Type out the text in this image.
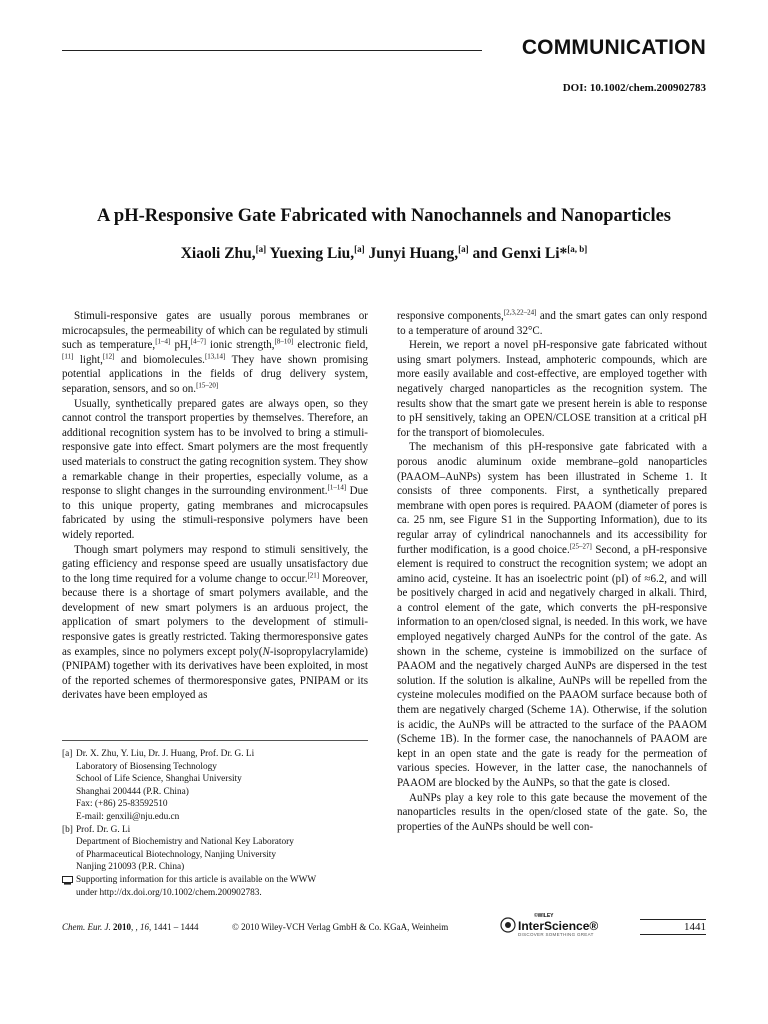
COMMUNICATION
DOI: 10.1002/chem.200902783
A pH-Responsive Gate Fabricated with Nanochannels and Nanoparticles
Xiaoli Zhu,[a] Yuexing Liu,[a] Junyi Huang,[a] and Genxi Li*[a, b]

Stimuli-responsive gates are usually porous membranes or microcapsules, the permeability of which can be regulated by stimuli such as temperature,[1–4] pH,[4–7] ionic strength,[8–10] electronic field,[11] light,[12] and biomolecules.[13,14] They have shown promising potential applications in the fields of drug delivery system, separation, sensors, and so on.[15–20]

Usually, synthetically prepared gates are always open, so they cannot control the transport properties by themselves. Therefore, an additional recognition system has to be involved to bring a stimuli-responsive gate into effect. Smart polymers are the most frequently used materials to construct the gating recognition system. They show a remarkable change in their properties, especially volume, as a response to slight changes in the surrounding environment.[1–14] Due to this unique property, gating membranes and microcapsules fabricated by using the stimuli-responsive polymers have been widely reported.

Though smart polymers may respond to stimuli sensitively, the gating efficiency and response speed are usually unsatisfactory due to the long time required for a volume change to occur.[21] Moreover, because there is a shortage of smart polymers available, and the development of new smart polymers is an arduous project, the application of smart polymers to the development of stimuli-responsive gates is greatly restricted. Taking thermoresponsive gates as examples, since no polymers except poly(N-isopropylacrylamide) (PNIPAM) together with its derivatives have been exploited, in most of the reported schemes of thermoresponsive gates, PNIPAM or its derivates have been employed as

responsive components,[2,3,22–24] and the smart gates can only respond to a temperature of around 32°C.

Herein, we report a novel pH-responsive gate fabricated without using smart polymers. Instead, amphoteric compounds, which are more easily available and cost-effective, are employed together with negatively charged nanoparticles as the recognition system. The results show that the smart gate we present herein is able to response to pH sensitively, taking an OPEN/CLOSE transition at a critical pH for the transport of biomolecules.

The mechanism of this pH-responsive gate fabricated with a porous anodic aluminum oxide membrane–gold nanoparticles (PAAOM–AuNPs) system has been illustrated in Scheme 1. It consists of three components. First, a synthetically prepared membrane with open pores is required. PAAOM (diameter of pores is ca. 25 nm, see Figure S1 in the Supporting Information), due to its regular array of cylindrical nanochannels and its accessibility for further modification, is a good choice.[25–27] Second, a pH-responsive element is required to construct the recognition system; we adopt an amino acid, cysteine. It has an isoelectric point (pI) of ≈6.2, and will be positively charged in acid and negatively charged in alkali. Third, a control element of the gate, which converts the pH-responsive information to an open/closed signal, is needed. In this work, we have employed negatively charged AuNPs for the control of the gate. As shown in the scheme, cysteine is immobilized on the surface of PAAOM and the negatively charged AuNPs are dispersed in the test solution. If the solution is alkaline, AuNPs will be repelled from the cysteine molecules modified on the PAAOM surface because both of them are negatively charged (Scheme 1A). Otherwise, if the solution is acidic, the AuNPs will be attracted to the surface of the PAAOM (Scheme 1B). In the former case, the nanochannels of PAAOM are kept in an open state and the gate is ready for the permeation of various species. However, in the latter case, the nanochannels of PAAOM are blocked by the AuNPs, so that the gate is closed.

AuNPs play a key role to this gate because the movement of the nanoparticles results in the open/closed state of the gate. So, the properties of the AuNPs should be well con-

[a] Dr. X. Zhu, Y. Liu, Dr. J. Huang, Prof. Dr. G. Li
Laboratory of Biosensing Technology
School of Life Science, Shanghai University
Shanghai 200444 (P.R. China)
Fax: (+86) 25-83592510
E-mail: genxili@nju.edu.cn
[b] Prof. Dr. G. Li
Department of Biochemistry and National Key Laboratory
of Pharmaceutical Biotechnology, Nanjing University
Nanjing 210093 (P.R. China)
Supporting information for this article is available on the WWW
under http://dx.doi.org/10.1002/chem.200902783.
Chem. Eur. J. 2010, , 16, 1441 – 1444	© 2010 Wiley-VCH Verlag GmbH & Co. KGaA, Weinheim
©WILEY
InterScience®
DISCOVER SOMETHING GREAT
1441
